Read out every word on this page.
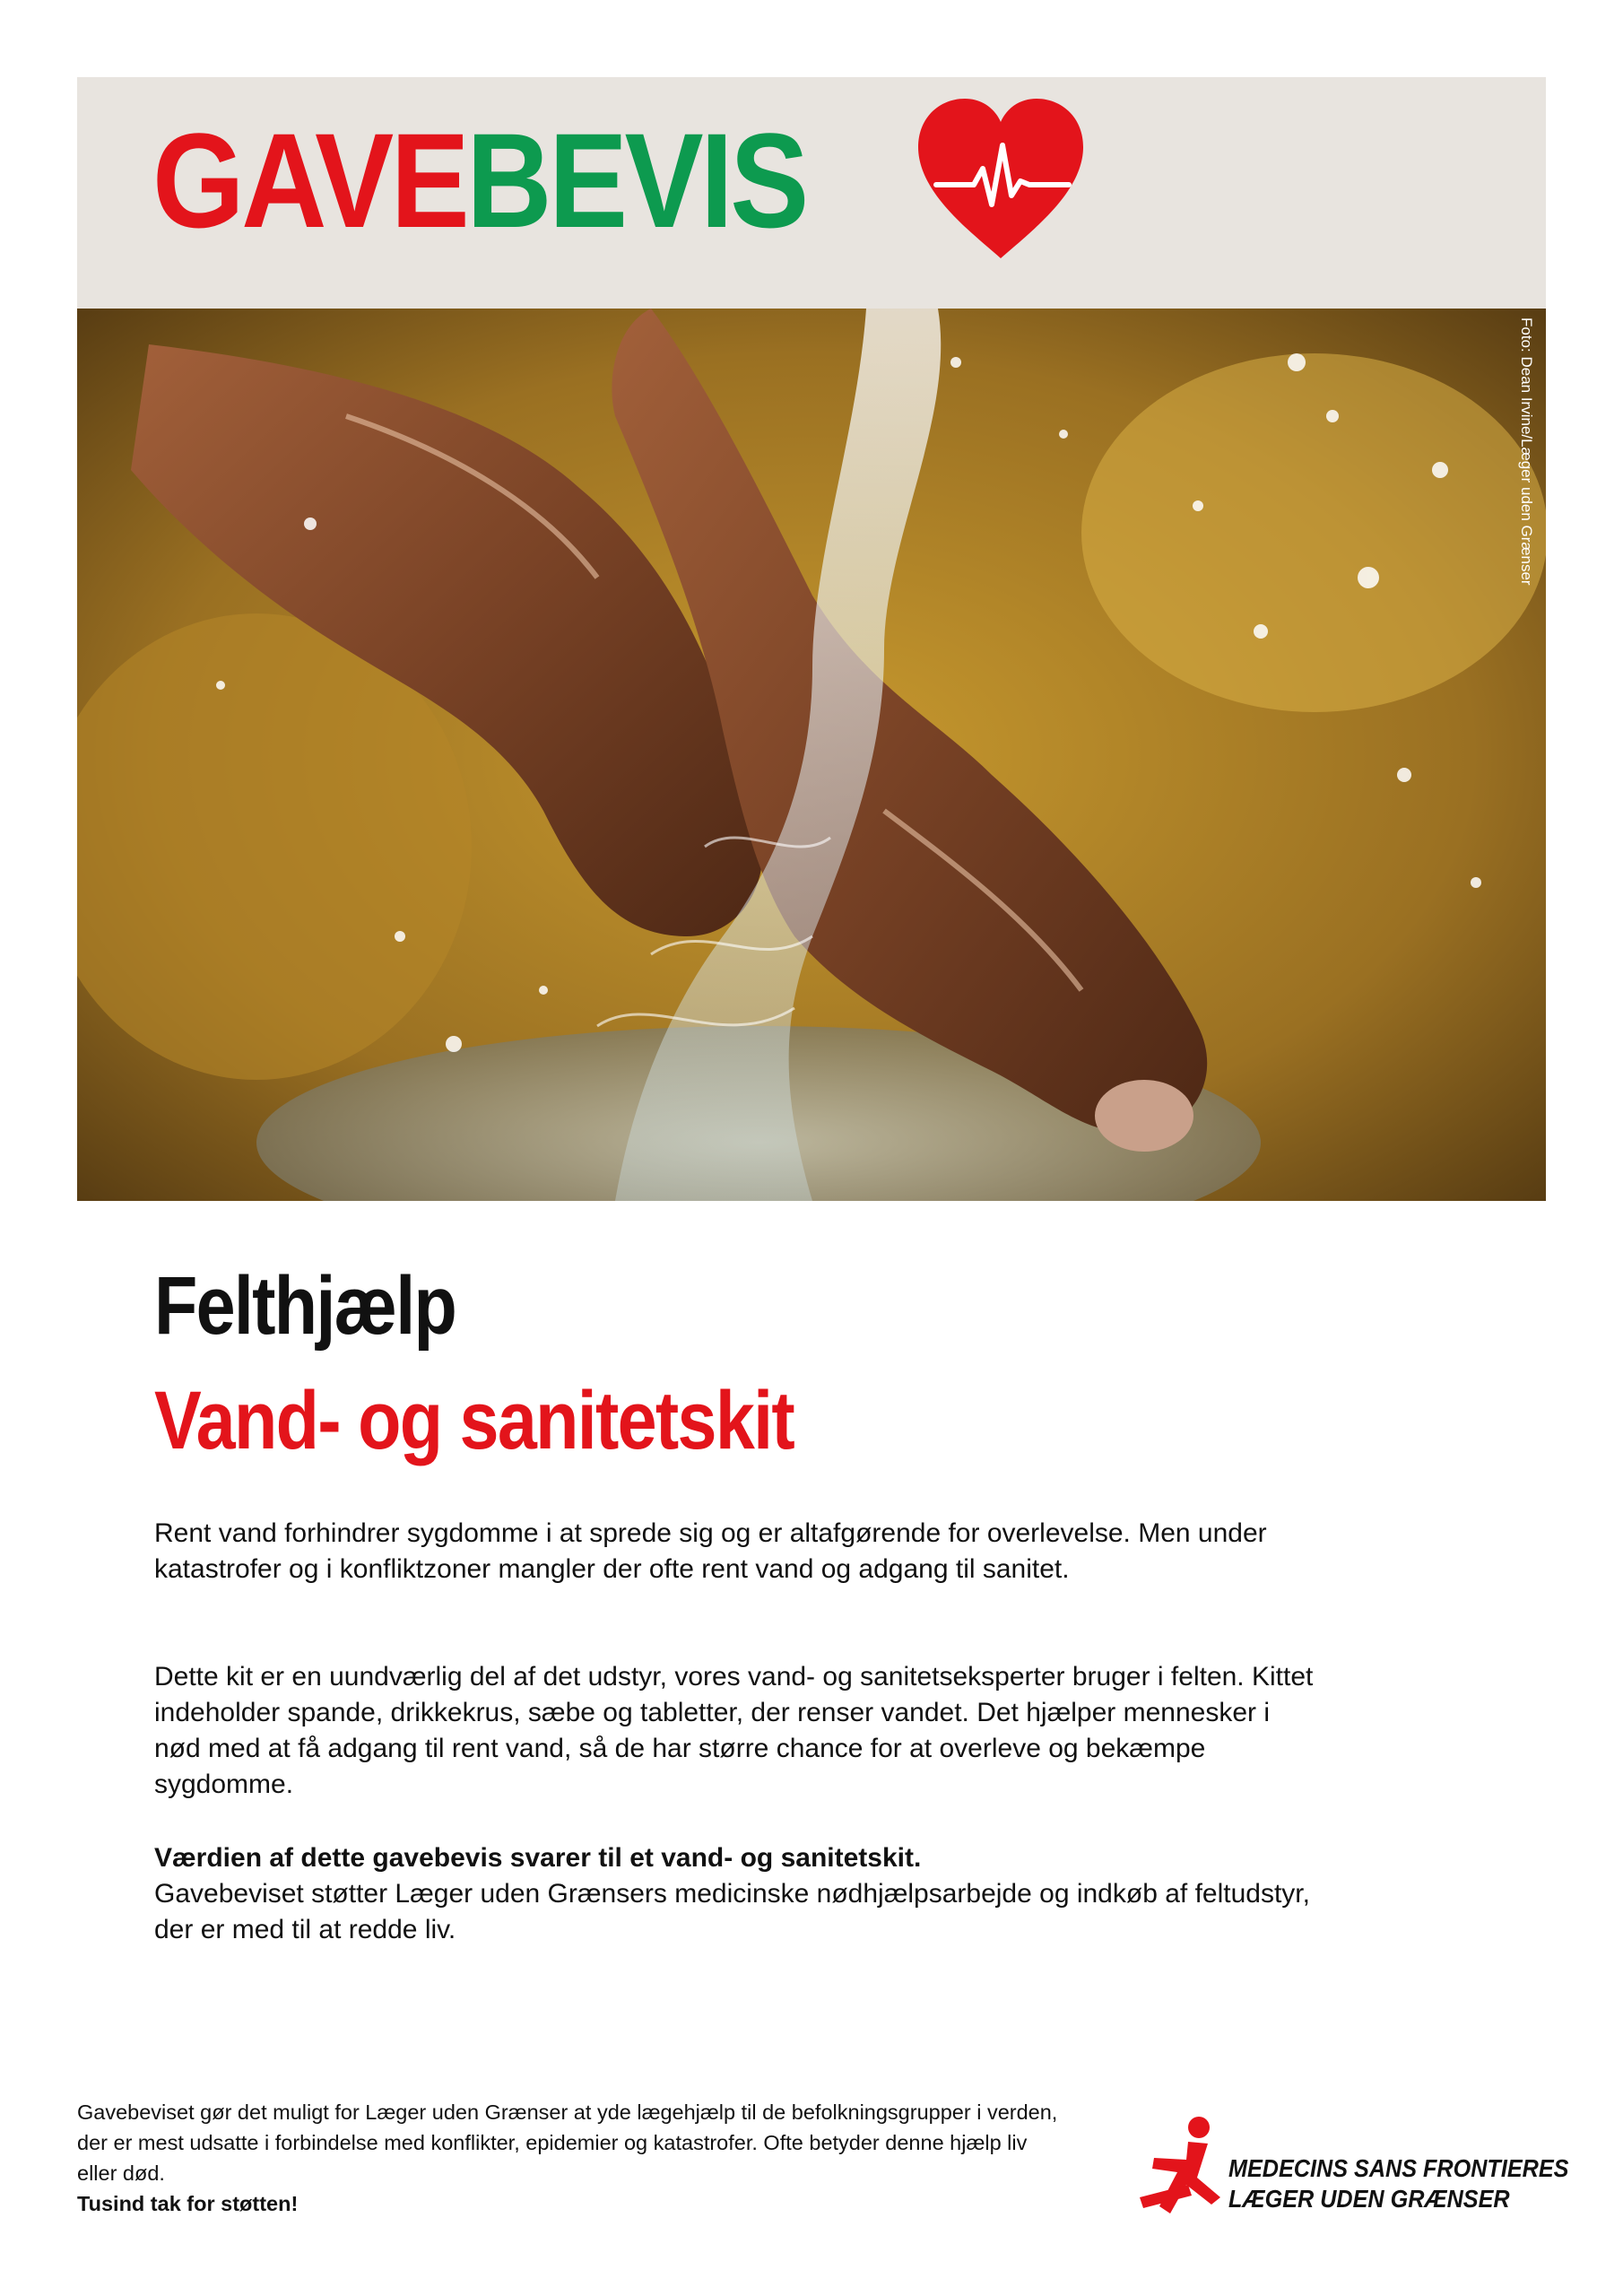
GAVEBEVIS
Foto: Dean Irvine/Læger uden Grænser
Felthjælp
Vand- og sanitetskit

Rent vand forhindrer sygdomme i at sprede sig og er altafgørende for overlevelse. Men under katastrofer og i konfliktzoner mangler der ofte rent vand og adgang til sanitet.

Dette kit er en uundværlig del af det udstyr, vores vand- og sanitetseksperter bruger i felten. Kittet indeholder spande, drikkekrus, sæbe og tabletter, der renser vandet. Det hjælper mennesker i nød med at få adgang til rent vand, så de har større chance for at overleve og bekæmpe sygdomme.

Værdien af dette gavebevis svarer til et vand- og sanitetskit.

Gavebeviset støtter Læger uden Grænsers medicinske nødhjælpsarbejde og indkøb af feltudstyr, der er med til at redde liv.

Gavebeviset gør det muligt for Læger uden Grænser at yde lægehjælp til de befolkningsgrupper i verden, der er mest udsatte i forbindelse med konflikter, epidemier og katastrofer. Ofte betyder denne hjælp liv eller død.
Tusind tak for støtten!
MEDECINS SANS FRONTIERES
LÆGER UDEN GRÆNSER
